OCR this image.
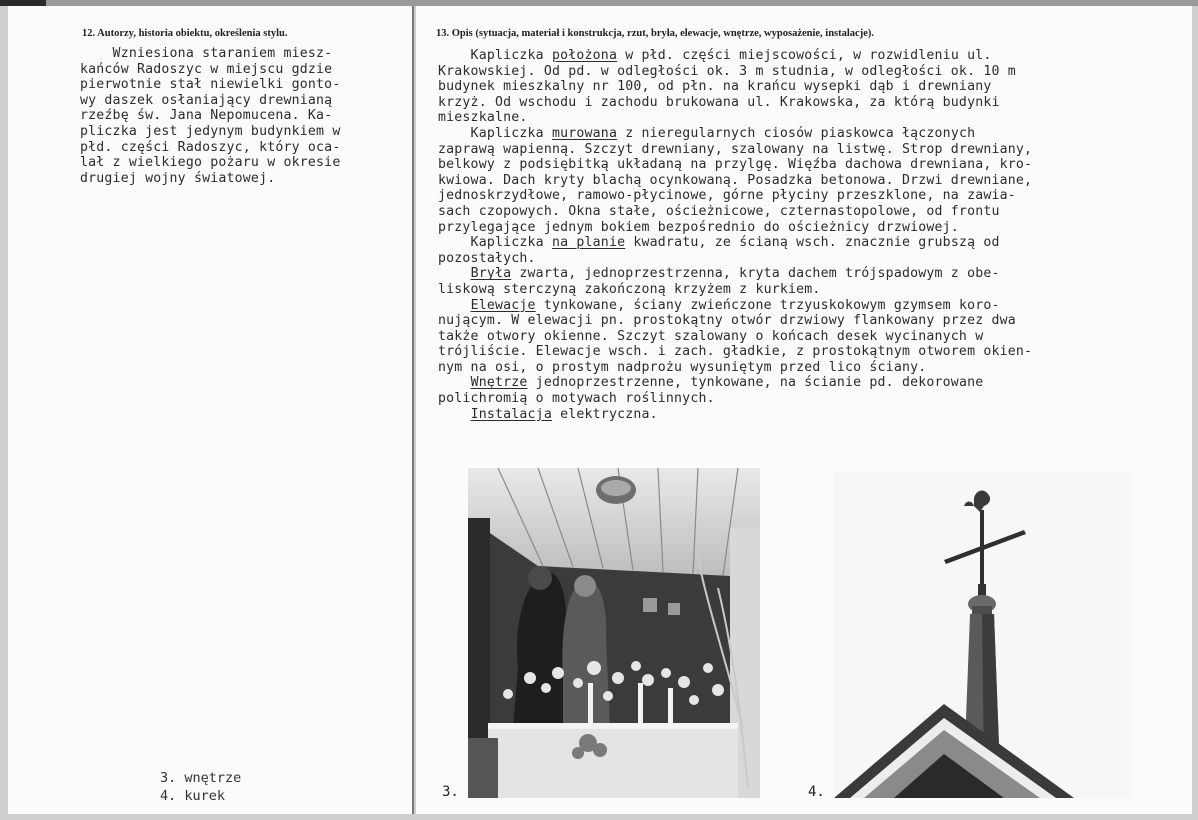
12. Autorzy, historia obiektu, określenia stylu.
Wzniesiona staraniem miesz-
kańców Radoszyc w miejscu gdzie
pierwotnie stał niewielki gonto-
wy daszek osłaniający drewnianą
rzeźbę św. Jana Nepomucena. Ka-
pliczka jest jedynym budynkiem w
płd. części Radoszyc, który oca-
lał z wielkiego pożaru w okresie
drugiej wojny światowej.
3. wnętrze
4. kurek
13. Opis (sytuacja, materiał i konstrukcja, rzut, bryła, elewacje, wnętrze, wyposażenie, instalacje).
Kapliczka położona w płd. części miejscowości, w rozwidleniu ul.
Krakowskiej. Od pd. w odległości ok. 3 m studnia, w odległości ok. 10 m
budynek mieszkalny nr 100, od płn. na krańcu wysepki dąb i drewniany
krzyż. Od wschodu i zachodu brukowana ul. Krakowska, za którą budynki
mieszkalne.
Kapliczka murowana z nieregularnych ciosów piaskowca łączonych
zaprawą wapienną. Szczyt drewniany, szalowany na listwę. Strop drewniany,
belkowy z podsiębitką układaną na przylgę. Więźba dachowa drewniana, kro-
kwiowa. Dach kryty blachą ocynkowaną. Posadzka betonowa. Drzwi drewniane,
jednoskrzydłowe, ramowo-płycinowe, górne płyciny przeszklone, na zawia-
sach czopowych. Okna stałe, ościeżnicowe, czternastopolowe, od frontu
przylegające jednym bokiem bezpośrednio do ościeżnicy drzwiowej.
Kapliczka na planie kwadratu, ze ścianą wsch. znacznie grubszą od
pozostałych.
Bryła zwarta, jednoprzestrzenna, kryta dachem trójspadowym z obe-
liskową sterczyną zakończoną krzyżem z kurkiem.
Elewacje tynkowane, ściany zwieńczone trzyuskokowym gzymsem koro-
nującym. W elewacji pn. prostokątny otwór drzwiowy flankowany przez dwa
także otwory okienne. Szczyt szalowany o końcach desek wycinanych w
trójliście. Elewacje wsch. i zach. gładkie, z prostokątnym otworem okien-
nym na osi, o prostym nadprożu wysuniętym przed lico ściany.
Wnętrze jednoprzestrzenne, tynkowane, na ścianie pd. dekorowane
polichromią o motywach roślinnych.
Instalacja elektryczna.
3.	4.
